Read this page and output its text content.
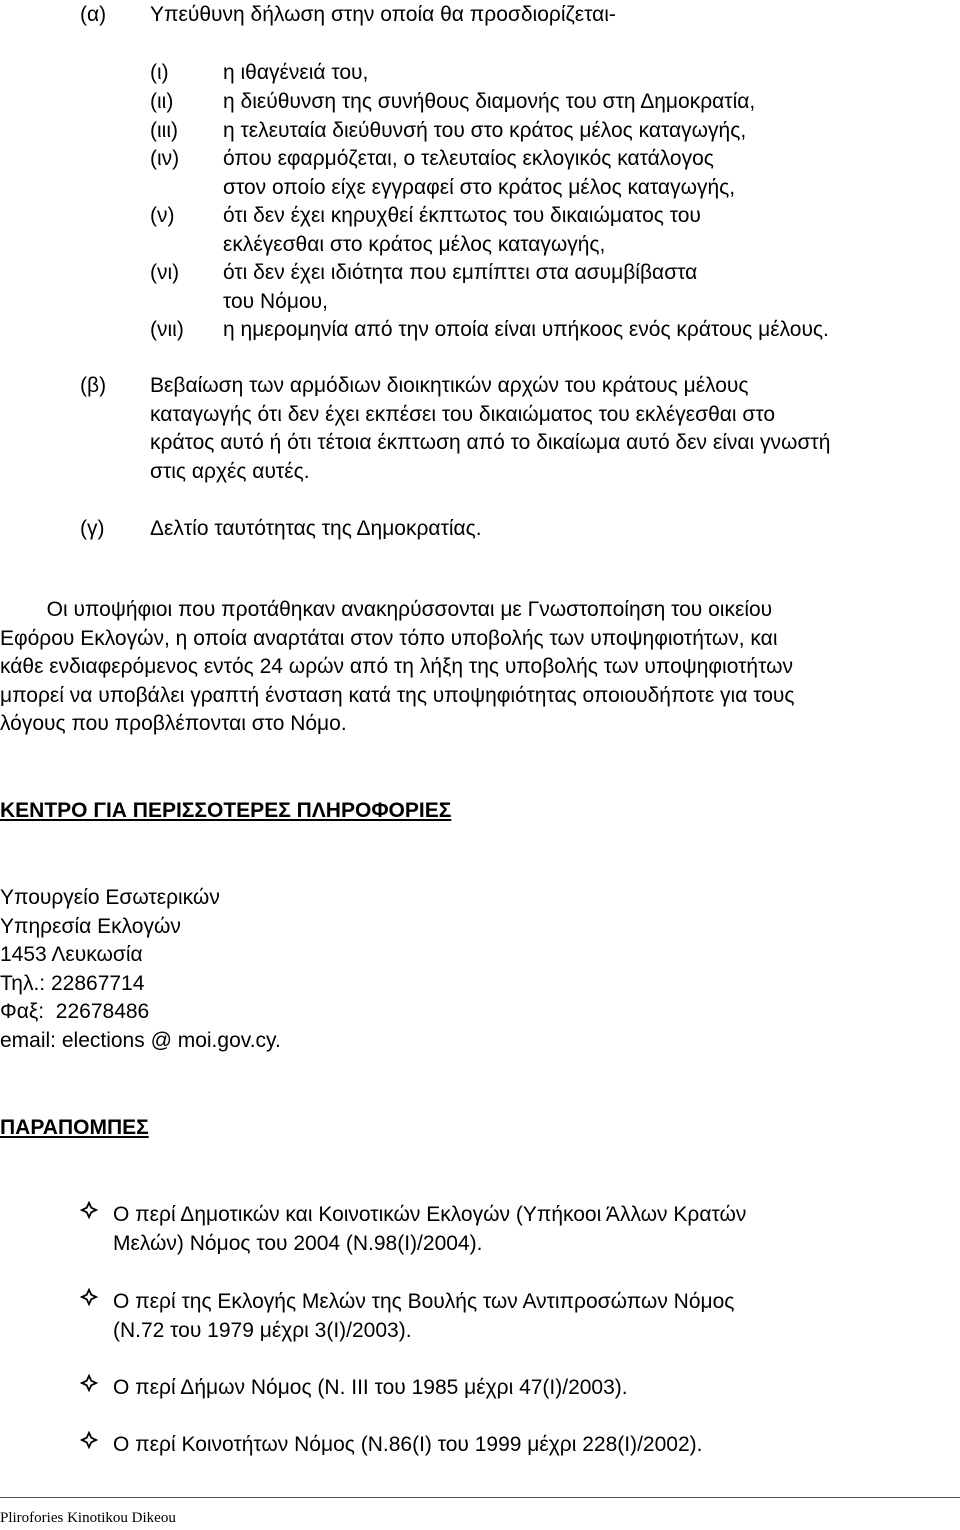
(α) Υπεύθυνη δήλωση στην οποία θα προσδιορίζεται-
(ι)	η ιθαγένειά του,
(ιι) η διεύθυνση της συνήθους διαμονής του στη Δημοκρατία,
(ιιι) η τελευταία διεύθυνσή του στο κράτος μέλος καταγωγής,
(ιν) όπου εφαρμόζεται, ο τελευταίος εκλογικός κατάλογος
στον οποίο είχε εγγραφεί στο κράτος μέλος καταγωγής,
(ν) ότι δεν έχει κηρυχθεί έκπτωτος του δικαιώματος του
εκλέγεσθαι στο κράτος μέλος καταγωγής,
(νι) ότι δεν έχει ιδιότητα που εμπίπτει στα ασυμβίβαστα
του Νόμου,
(νιι) η ημερομηνία από την οποία είναι υπήκοος ενός κράτους μέλους.
(β) Βεβαίωση των αρμόδιων διοικητικών αρχών του κράτους μέλους
καταγωγής ότι δεν έχει εκπέσει του δικαιώματος του εκλέγεσθαι στο
κράτος αυτό ή ότι τέτοια έκπτωση από το δικαίωμα αυτό δεν είναι γνωστή
στις αρχές αυτές.
(γ) Δελτίο ταυτότητας της Δημοκρατίας.
Οι υποψήφιοι που προτάθηκαν ανακηρύσσονται με Γνωστοποίηση του οικείου
Εφόρου Εκλογών, η οποία αναρτάται στον τόπο υποβολής των υποψηφιοτήτων, και
κάθε ενδιαφερόμενος εντός 24 ωρών από τη λήξη της υποβολής των υποψηφιοτήτων
μπορεί να υποβάλει γραπτή ένσταση κατά της υποψηφιότητας οποιουδήποτε για τους
λόγους που προβλέπονται στο Νόμο.
ΚΕΝΤΡΟ ΓΙΑ ΠΕΡΙΣΣΟΤΕΡΕΣ ΠΛΗΡΟΦΟΡΙΕΣ
Υπουργείο Εσωτερικών
Υπηρεσία Εκλογών
1453 Λευκωσία
Τηλ.: 22867714
Φαξ:  22678486
email: elections @ moi.gov.cy.
ΠΑΡΑΠΟΜΠΕΣ
Ο περί Δημοτικών και Κοινοτικών Εκλογών (Υπήκοοι Άλλων Κρατών
Μελών) Νόμος του 2004 (Ν.98(Ι)/2004).
Ο περί της Εκλογής Μελών της Βουλής των Αντιπροσώπων Νόμος
(Ν.72 του 1979 μέχρι 3(Ι)/2003).
Ο περί Δήμων Νόμος (Ν. ΙΙΙ του 1985 μέχρι 47(Ι)/2003).
Ο περί Κοινοτήτων Νόμος (Ν.86(Ι) του 1999 μέχρι 228(Ι)/2002).
Plirofories Kinotikou Dikeou
